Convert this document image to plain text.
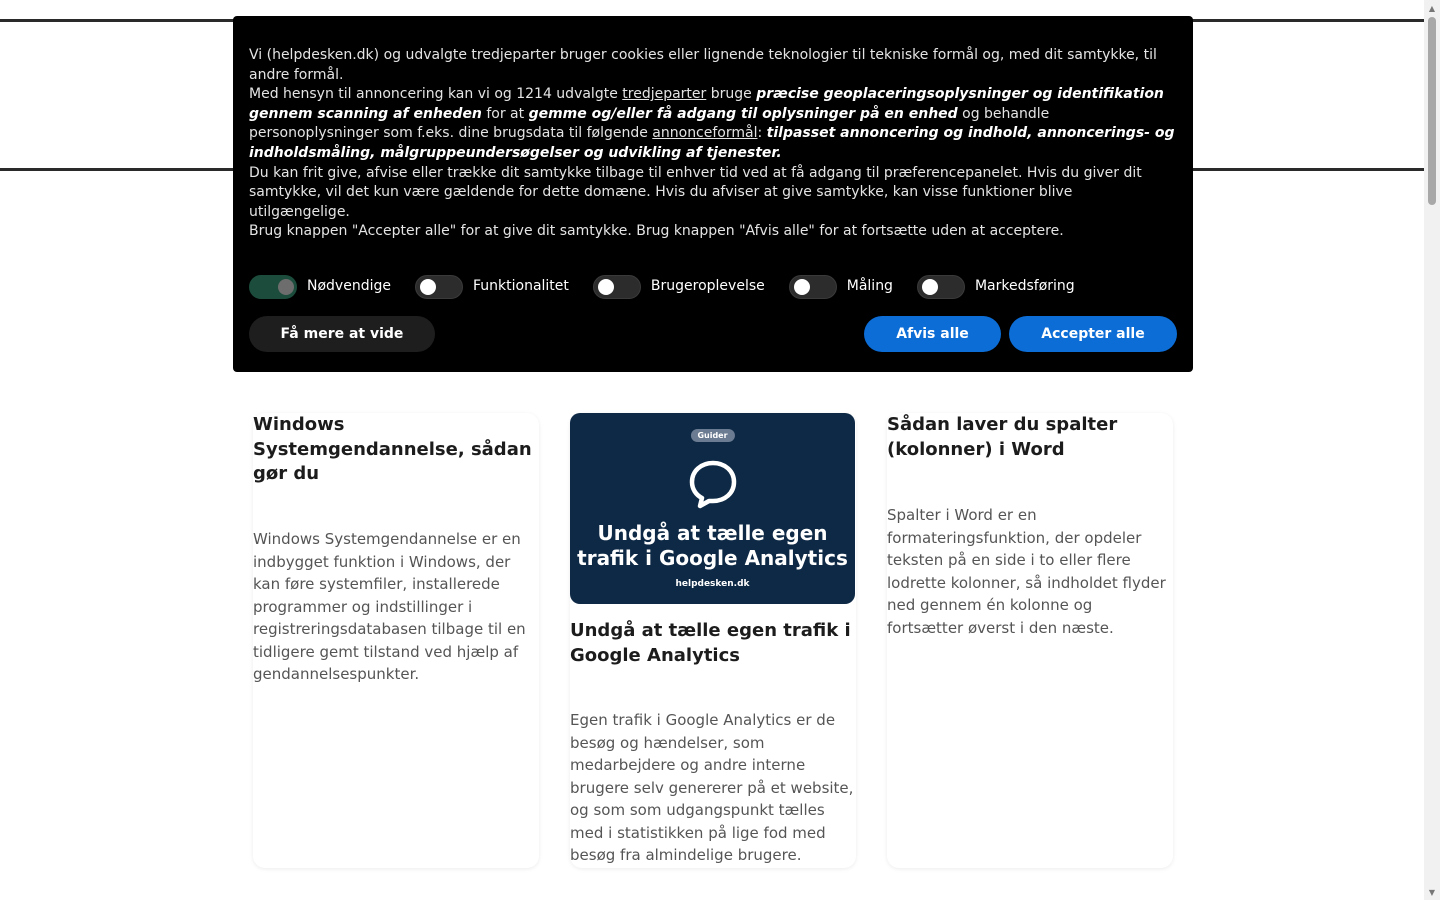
Windows Systemgendannelse, sådan gør du
Windows Systemgendannelse er en indbygget funktion i Windows, der kan føre systemfiler, installerede programmer og indstillinger i registreringsdatabasen tilbage til en tidligere gemt tilstand ved hjælp af gendannelsespunkter.
Guider
Undgå at tælle egen trafik i Google Analytics
helpdesken.dk
Undgå at tælle egen trafik i Google Analytics
Egen trafik i Google Analytics er de besøg og hændelser, som medarbejdere og andre interne brugere selv genererer på et website, og som som udgangspunkt tælles med i statistikken på lige fod med besøg fra almindelige brugere.
Sådan laver du spalter (kolonner) i Word
Spalter i Word er en formateringsfunktion, der opdeler teksten på en side i to eller flere lodrette kolonner, så indholdet flyder ned gennem én kolonne og fortsætter øverst i den næste.

Vi (helpdesken.dk) og udvalgte tredjeparter bruger cookies eller lignende teknologier til tekniske formål og, med dit samtykke, til andre formål.

Med hensyn til annoncering kan vi og 1214 udvalgte tredjeparter bruge præcise geoplaceringsoplysninger og identifikation gennem scanning af enheden for at gemme og/eller få adgang til oplysninger på en enhed og behandle personoplysninger som f.eks. dine brugsdata til følgende annonceformål: tilpasset annoncering og indhold, annoncerings- og indholdsmåling, målgruppeundersøgelser og udvikling af tjenester.

Du kan frit give, afvise eller trække dit samtykke tilbage til enhver tid ved at få adgang til præferencepanelet. Hvis du giver dit samtykke, vil det kun være gældende for dette domæne. Hvis du afviser at give samtykke, kan visse funktioner blive utilgængelige.

Brug knappen "Accepter alle" for at give dit samtykke. Brug knappen "Afvis alle" for at fortsætte uden at acceptere.

Nødvendige	Funktionalitet	Brugeroplevelse	Måling	Markedsføring
Få mere at vide	Afvis alle	Accepter alle
▲
▼
